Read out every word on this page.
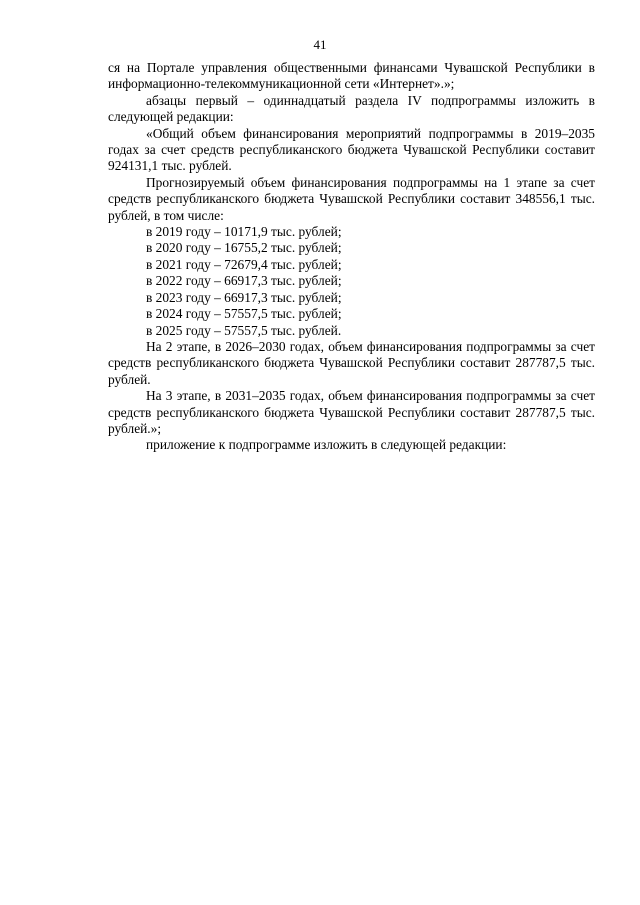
41

ся на Портале управления общественными финансами Чувашской Республики в информационно-телекоммуникационной сети «Интернет».»;

абзацы первый – одиннадцатый раздела IV подпрограммы изложить в следующей редакции:

«Общий объем финансирования мероприятий подпрограммы в 2019–2035 годах за счет средств республиканского бюджета Чувашской Республики составит 924131,1 тыс. рублей.

Прогнозируемый объем финансирования подпрограммы на 1 этапе за счет средств республиканского бюджета Чувашской Республики составит 348556,1 тыс. рублей, в том числе:

в 2019 году – 10171,9 тыс. рублей;

в 2020 году – 16755,2 тыс. рублей;

в 2021 году – 72679,4 тыс. рублей;

в 2022 году – 66917,3 тыс. рублей;

в 2023 году – 66917,3 тыс. рублей;

в 2024 году – 57557,5 тыс. рублей;

в 2025 году – 57557,5 тыс. рублей.

На 2 этапе, в 2026–2030 годах, объем финансирования подпрограммы за счет средств республиканского бюджета Чувашской Республики составит 287787,5 тыс. рублей.

На 3 этапе, в 2031–2035 годах, объем финансирования подпрограммы за счет средств республиканского бюджета Чувашской Республики составит 287787,5 тыс. рублей.»;

приложение к подпрограмме изложить в следующей редакции:
